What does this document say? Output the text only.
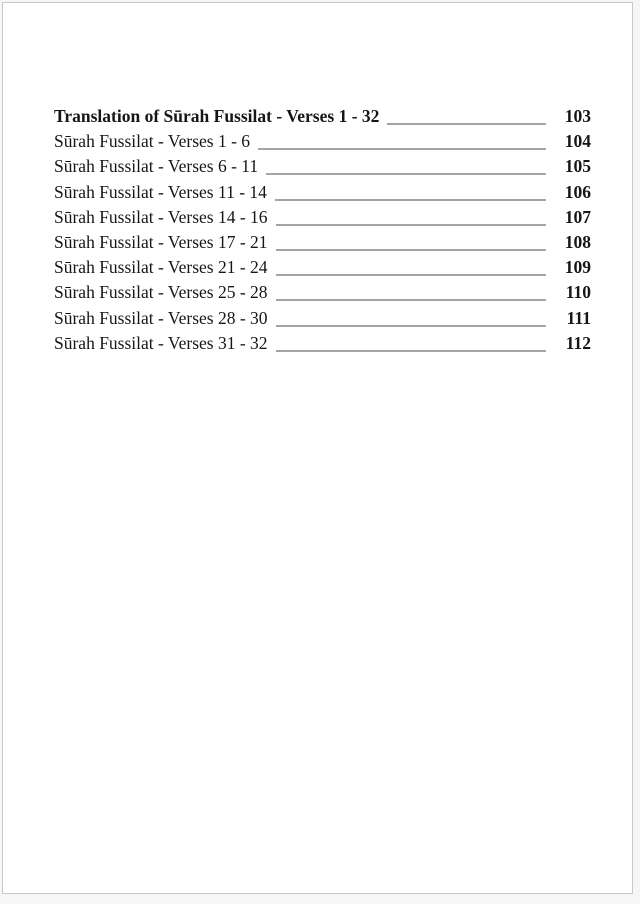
Translation of Sūrah Fussilat - Verses 1 - 32	103
Sūrah Fussilat - Verses 1 - 6	104
Sūrah Fussilat - Verses 6 - 11	105
Sūrah Fussilat - Verses 11 - 14	106
Sūrah Fussilat - Verses 14 - 16	107
Sūrah Fussilat - Verses 17 - 21	108
Sūrah Fussilat - Verses 21 - 24	109
Sūrah Fussilat - Verses 25 - 28	110
Sūrah Fussilat - Verses 28 - 30	111
Sūrah Fussilat - Verses 31 - 32	112
